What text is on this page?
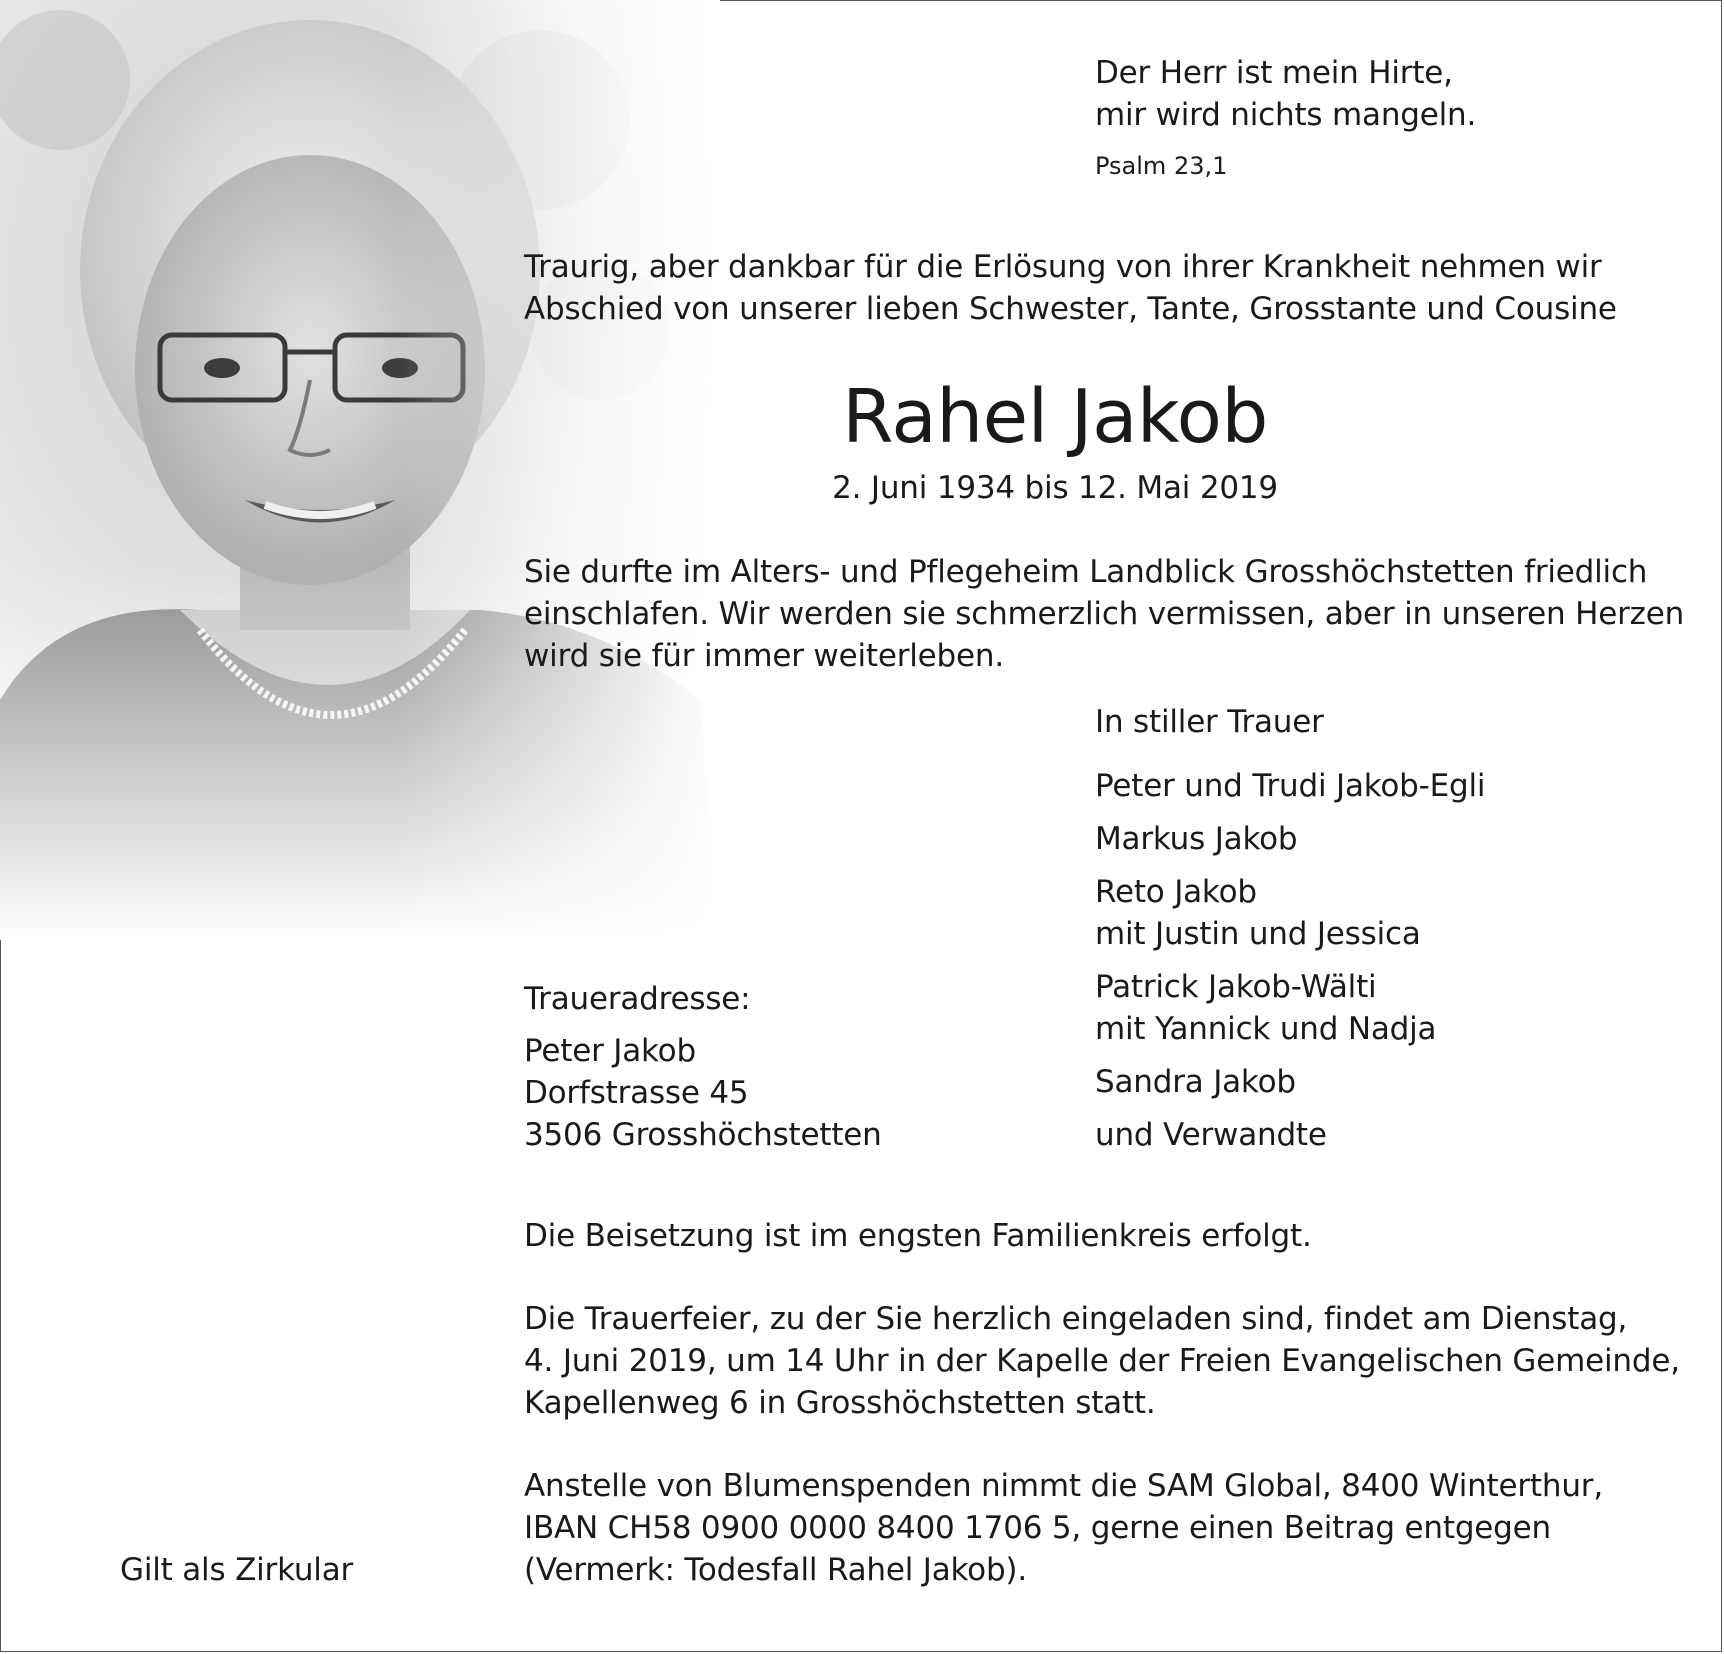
Der Herr ist mein Hirte,
mir wird nichts mangeln.
Psalm 23,1
Traurig, aber dankbar für die Erlösung von ihrer Krankheit nehmen wir
Abschied von unserer lieben Schwester, Tante, Grosstante und Cousine
Rahel Jakob
2. Juni 1934 bis 12. Mai 2019
Sie durfte im Alters- und Pflegeheim Landblick Grosshöchstetten friedlich
einschlafen. Wir werden sie schmerzlich vermissen, aber in unseren Herzen
wird sie für immer weiterleben.
In stiller Trauer
Peter und Trudi Jakob-Egli
Markus Jakob
Reto Jakob
mit Justin und Jessica
Patrick Jakob-Wälti
mit Yannick und Nadja
Sandra Jakob
und Verwandte
Traueradresse:
Peter Jakob
Dorfstrasse 45
3506 Grosshöchstetten
Die Beisetzung ist im engsten Familienkreis erfolgt.
Die Trauerfeier, zu der Sie herzlich eingeladen sind, findet am Dienstag,
4. Juni 2019, um 14 Uhr in der Kapelle der Freien Evangelischen Gemeinde,
Kapellenweg 6 in Grosshöchstetten statt.
Anstelle von Blumenspenden nimmt die SAM Global, 8400 Winterthur,
IBAN CH58 0900 0000 8400 1706 5, gerne einen Beitrag entgegen
(Vermerk: Todesfall Rahel Jakob).
Gilt als Zirkular
